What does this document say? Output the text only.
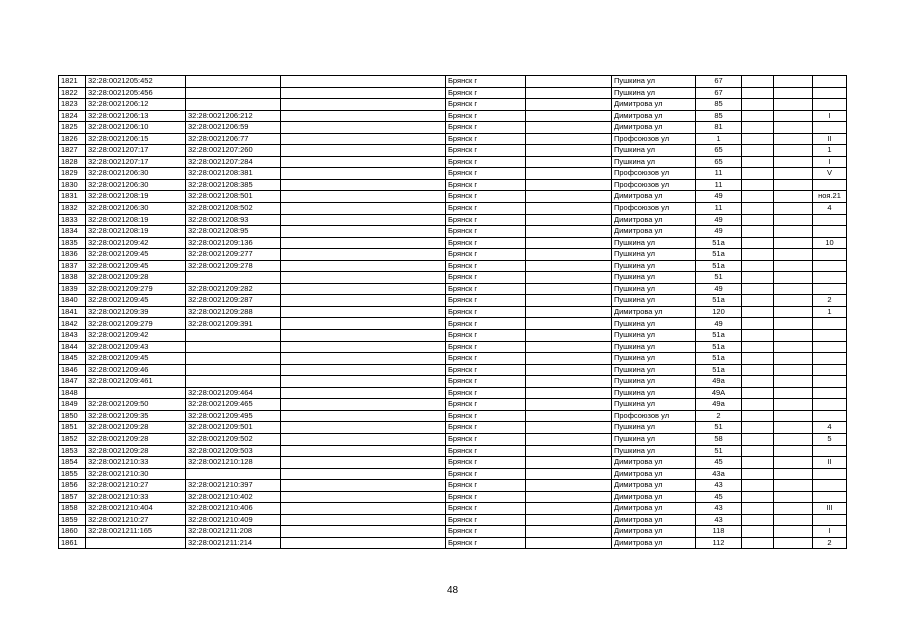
1821	32:28:0021205:452			Брянск г		Пушкина ул	67			
1822	32:28:0021205:456			Брянск г		Пушкина ул	67			
1823	32:28:0021206:12			Брянск г		Димитрова ул	85			
1824	32:28:0021206:13	32:28:0021206:212		Брянск г		Димитрова ул	85			I
1825	32:28:0021206:10	32:28:0021206:59		Брянск г		Димитрова ул	81			
1826	32:28:0021206:15	32:28:0021206:77		Брянск г		Профсоюзов ул	1			II
1827	32:28:0021207:17	32:28:0021207:260		Брянск г		Пушкина ул	65			1
1828	32:28:0021207:17	32:28:0021207:284		Брянск г		Пушкина ул	65			I
1829	32:28:0021206:30	32:28:0021208:381		Брянск г		Профсоюзов ул	11			V
1830	32:28:0021206:30	32:28:0021208:385		Брянск г		Профсоюзов ул	11			
1831	32:28:0021208:19	32:28:0021208:501		Брянск г		Димитрова ул	49			ноя.21
1832	32:28:0021206:30	32:28:0021208:502		Брянск г		Профсоюзов ул	11			4
1833	32:28:0021208:19	32:28:0021208:93		Брянск г		Димитрова ул	49			
1834	32:28:0021208:19	32:28:0021208:95		Брянск г		Димитрова ул	49			
1835	32:28:0021209:42	32:28:0021209:136		Брянск г		Пушкина ул	51а			10
1836	32:28:0021209:45	32:28:0021209:277		Брянск г		Пушкина ул	51а			
1837	32:28:0021209:45	32:28:0021209:278		Брянск г		Пушкина ул	51а			
1838	32:28:0021209:28			Брянск г		Пушкина ул	51			
1839	32:28:0021209:279	32:28:0021209:282		Брянск г		Пушкина ул	49			
1840	32:28:0021209:45	32:28:0021209:287		Брянск г		Пушкина ул	51а			2
1841	32:28:0021209:39	32:28:0021209:288		Брянск г		Димитрова ул	120			1
1842	32:28:0021209:279	32:28:0021209:391		Брянск г		Пушкина ул	49			
1843	32:28:0021209:42			Брянск г		Пушкина ул	51а			
1844	32:28:0021209:43			Брянск г		Пушкина ул	51а			
1845	32:28:0021209:45			Брянск г		Пушкина ул	51а			
1846	32:28:0021209:46			Брянск г		Пушкина ул	51а			
1847	32:28:0021209:461			Брянск г		Пушкина ул	49а			
1848		32:28:0021209:464		Брянск г		Пушкина ул	49А			
1849	32:28:0021209:50	32:28:0021209:465		Брянск г		Пушкина ул	49а			
1850	32:28:0021209:35	32:28:0021209:495		Брянск г		Профсоюзов ул	2			
1851	32:28:0021209:28	32:28:0021209:501		Брянск г		Пушкина ул	51			4
1852	32:28:0021209:28	32:28:0021209:502		Брянск г		Пушкина ул	58			5
1853	32:28:0021209:28	32:28:0021209:503		Брянск г		Пушкина ул	51			
1854	32:28:0021210:33	32:28:0021210:128		Брянск г		Димитрова ул	45			II
1855	32:28:0021210:30			Брянск г		Димитрова ул	43а			
1856	32:28:0021210:27	32:28:0021210:397		Брянск г		Димитрова ул	43			
1857	32:28:0021210:33	32:28:0021210:402		Брянск г		Димитрова ул	45			
1858	32:28:0021210:404	32:28:0021210:406		Брянск г		Димитрова ул	43			III
1859	32:28:0021210:27	32:28:0021210:409		Брянск г		Димитрова ул	43			
1860	32:28:0021211:165	32:28:0021211:208		Брянск г		Димитрова ул	118			I
1861		32:28:0021211:214		Брянск г		Димитрова ул	112			2
48
